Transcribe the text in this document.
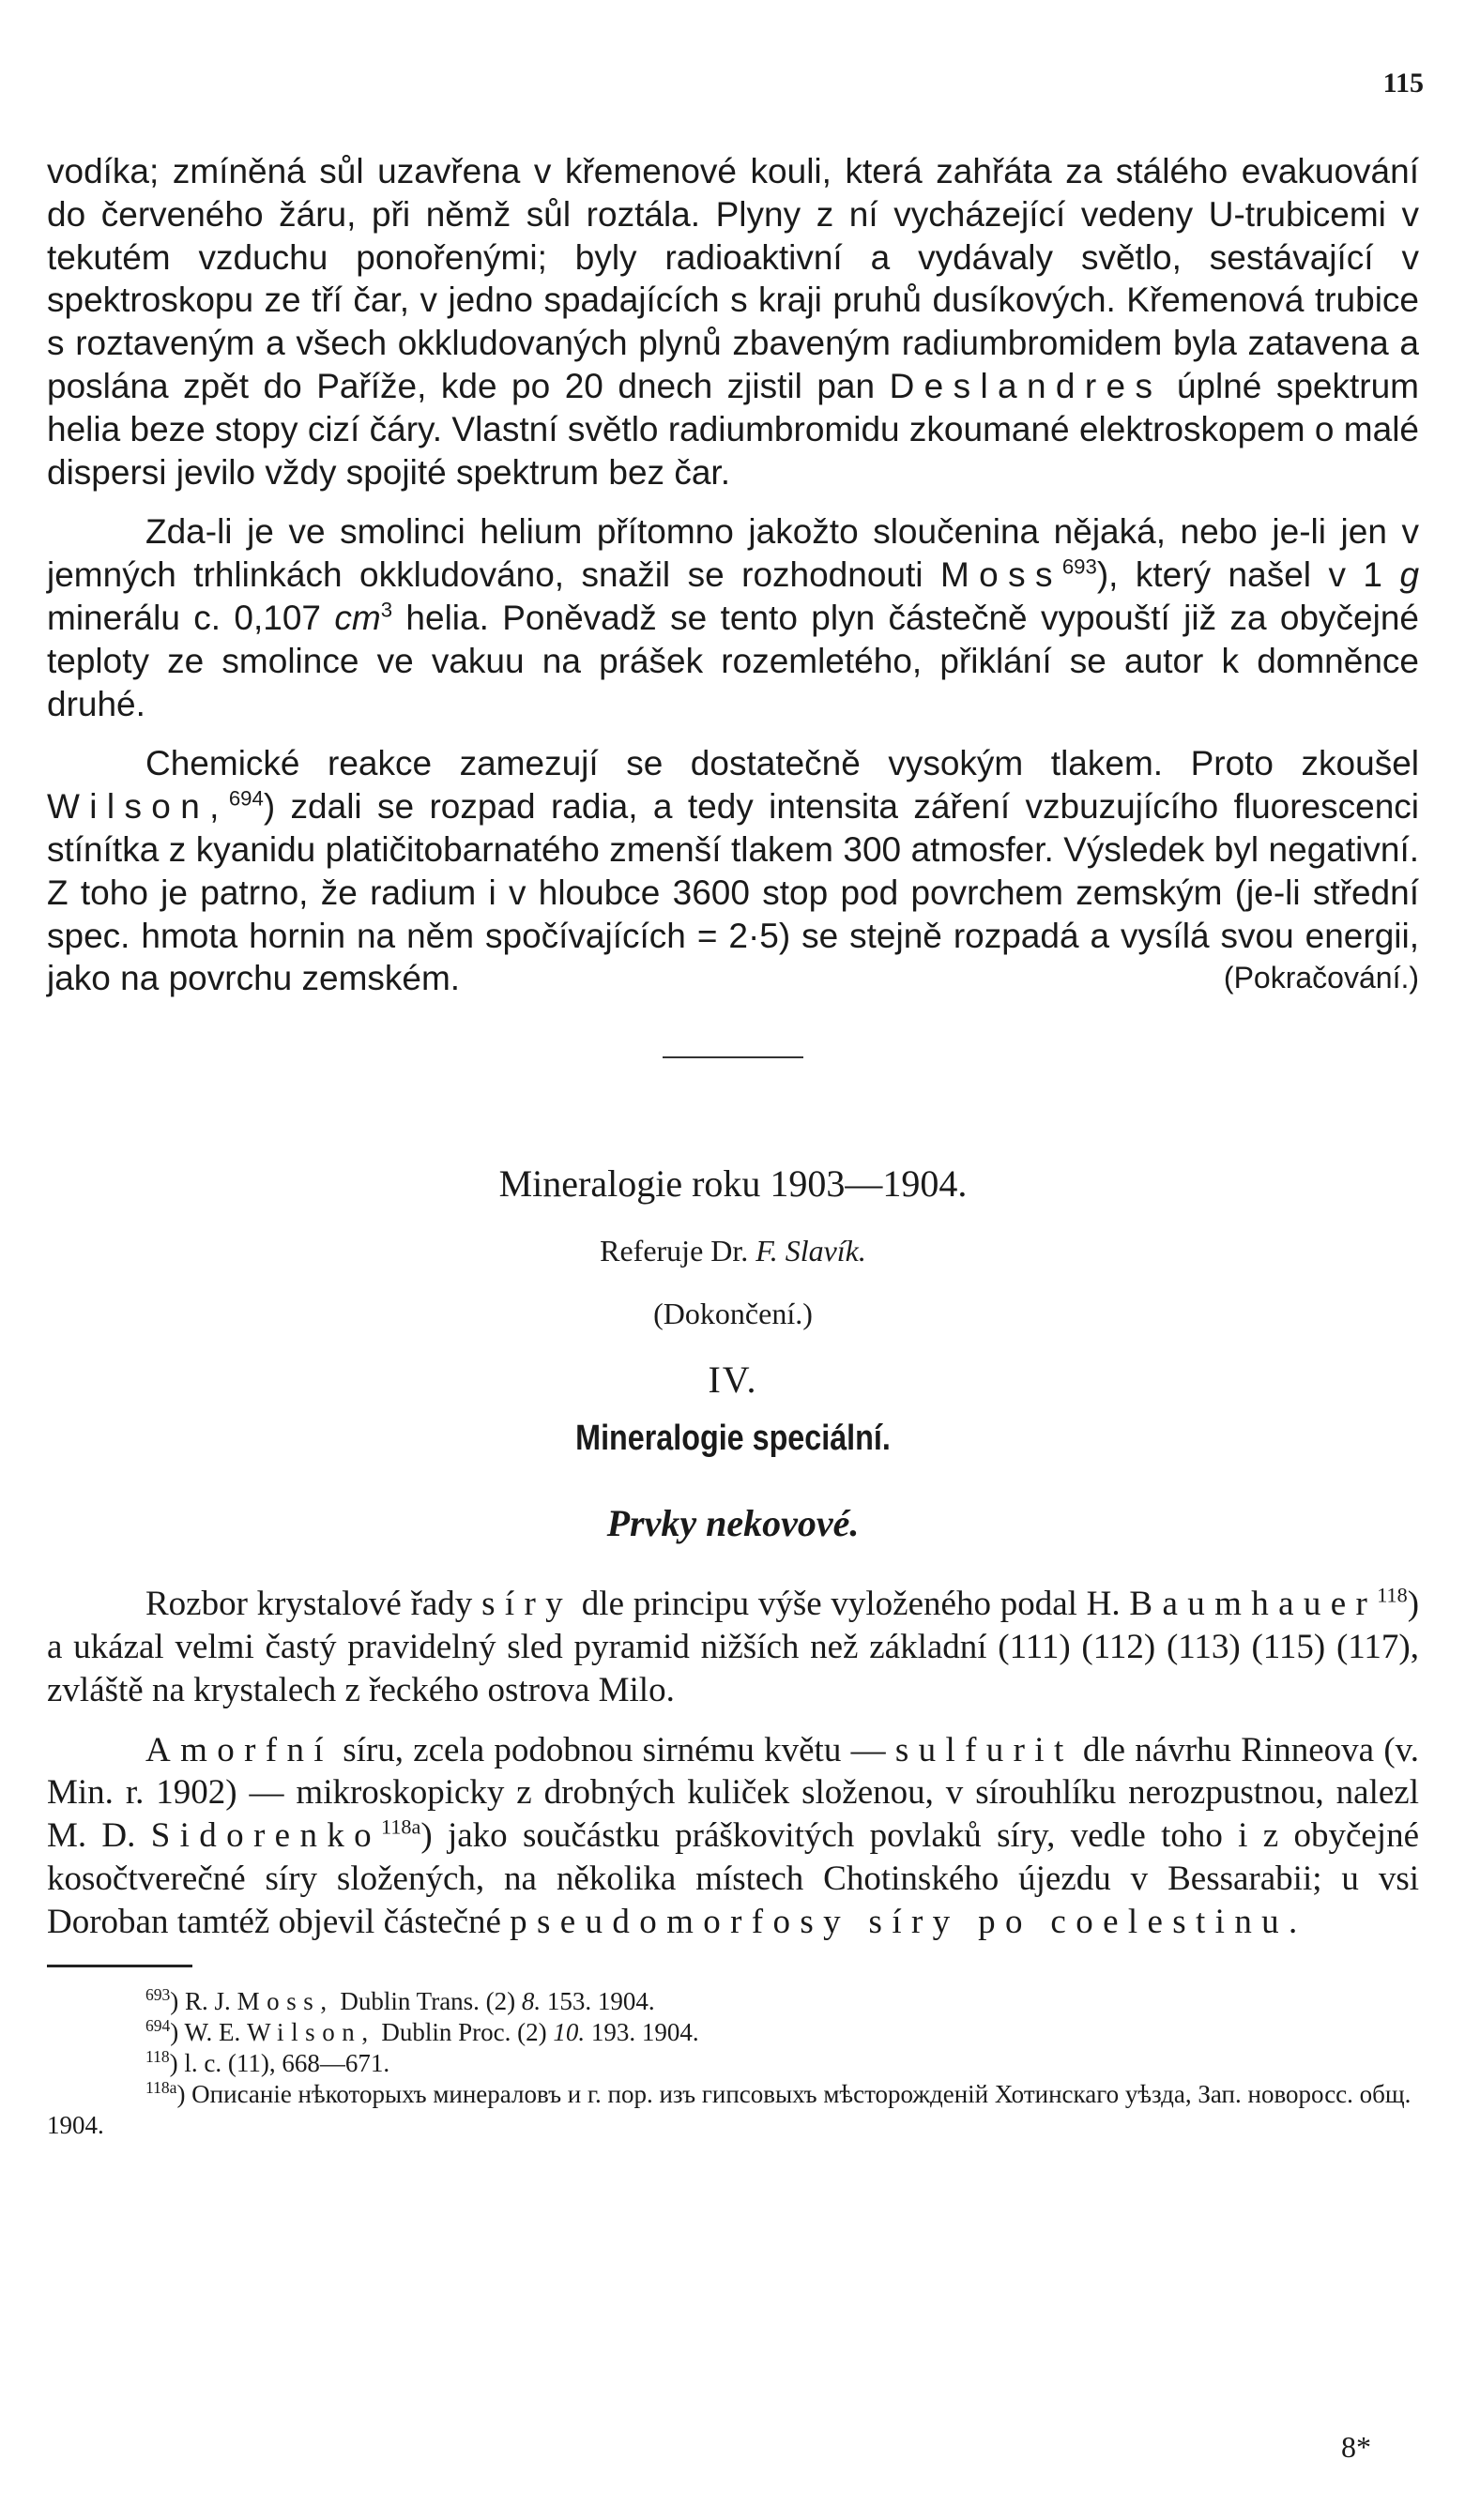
115

vodíka; zmíněná sůl uzavřena v křemenové kouli, která zahřáta za stálého evakuování do červeného žáru, při němž sůl roztála. Plyny z ní vycházející vedeny U-trubicemi v tekutém vzduchu ponořenými; byly radioaktivní a vydávaly světlo, sestávající v spektroskopu ze tří čar, v jedno spadajících s kraji pruhů dusíkových. Křemenová trubice s roztaveným a všech okkludovaných plynů zbaveným radiumbromidem byla zatavena a poslána zpět do Paříže, kde po 20 dnech zjistil pan Deslandres úplné spektrum helia beze stopy cizí čáry. Vlastní světlo radiumbromidu zkoumané elektroskopem o malé dispersi jevilo vždy spojité spektrum bez čar.

Zda-li je ve smolinci helium přítomno jakožto sloučenina nějaká, nebo je-li jen v jemných trhlinkách okkludováno, snažil se rozhodnouti Moss$^{693}$), který našel v 1 g minerálu c. 0,107 $cm^3$ helia. Poněvadž se tento plyn částečně vypouští již za obyčejné teploty ze smolince ve vakuu na prášek rozemletého, přiklání se autor k domněnce druhé.

Chemické reakce zamezují se dostatečně vysokým tlakem. Proto zkoušel Wilson,$^{694}$) zdali se rozpad radia, a tedy intensita záření vzbuzujícího fluorescenci stínítka z kyanidu platičitobarnatého zmenší tlakem 300 atmosfer. Výsledek byl negativní. Z toho je patrno, že radium i v hloubce 3600 stop pod povrchem zemským (je-li střední spec. hmota hornin na něm spočívajících = 2·5) se stejně rozpadá a vysílá svou energii, jako na povrchu zemském.	(Pokračování.)

Mineralogie roku 1903—1904.
Referuje Dr. F. Slavík.
(Dokončení.)
IV.
Mineralogie speciální.
Prvky nekovové.

Rozbor krystalové řady síry dle principu výše vyloženého podal H. Baumhauer$^{118}$) a ukázal velmi častý pravidelný sled pyramid nižších než základní (111) (112) (113) (115) (117), zvláště na krystalech z řeckého ostrova Milo.

Amorfní síru, zcela podobnou sirnému květu — sulfurit dle návrhu Rinneova (v. Min. r. 1902) — mikroskopicky z drobných kuliček složenou, v sírouhlíku nerozpustnou, nalezl M. D. Sidorenko$^{118a}$) jako součástku práškovitých povlaků síry, vedle toho i z obyčejné kosočtverečné síry složených, na několika místech Chotinského újezdu v Bessarabii; u vsi Doroban tamtéž objevil částečné pseudomorfosy síry po coelestinu.

$^{693}$) R. J. Moss, Dublin Trans. (2) 8. 153. 1904.
$^{694}$) W. E. Wilson, Dublin Proc. (2) 10. 193. 1904.
$^{118}$) l. c. (11), 668—671.
$^{118a}$) Описаніе нѣкоторыхъ минераловъ и г. пор. изъ гипсовыхъ мѣсторожденій Хотинскаго уѣзда, Зап. новоросс. общ. 1904.
8*
